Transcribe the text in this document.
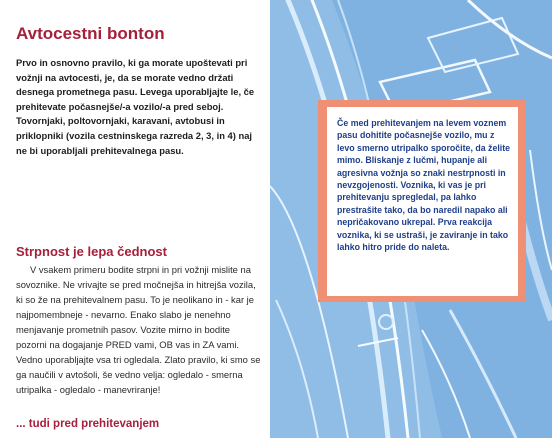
Avtocestni bonton

Prvo in osnovno pravilo, ki ga morate upoštevati pri vožnji na avtocesti, je, da se morate vedno držati desnega prometnega pasu. Levega uporabljajte le, če prehitevate počasnejše/-a vozilo/-a pred seboj. Tovornjaki, poltovornjaki, karavani, avtobusi in priklopniki (vozila cestninskega razreda 2, 3, in 4) naj ne bi uporabljali prehitevalnega pasu.

Strpnost je lepa čednost

V vsakem primeru bodite strpni in pri vožnji mislite na sovoznike. Ne vrivajte se pred močnejša in hitrejša vozila, ki so že na prehitevalnem pasu. To je neolikano in - kar je najpomembneje - nevarno. Enako slabo je nenehno menjavanje prometnih pasov. Vozite mirno in bodite pozorni na dogajanje PRED vami, OB vas in ZA vami. Vedno uporabljajte vsa tri ogledala. Zlato pravilo, ki smo se ga naučili v avtošoli, še vedno velja: ogledalo - smerna utripalka - ogledalo - manevriranje!

... tudi pred prehitevanjem

Če med prehitevanjem na levem voznem pasu dohitite počasnejše vozilo, mu z levo smerno utripalko sporočite, da želite mimo. Bliskanje z lučmi, hupanje ali agresivna vožnja so znaki nestrpnosti in nevzgojenosti. Voznika, ki vas je pri prehitevanju spregledal, pa lahko prestrašite tako, da bo naredil napako ali nepričakovano ukrepal. Prva reakcija voznika, ki se ustraši, je zaviranje in tako lahko hitro pride do naleta.
